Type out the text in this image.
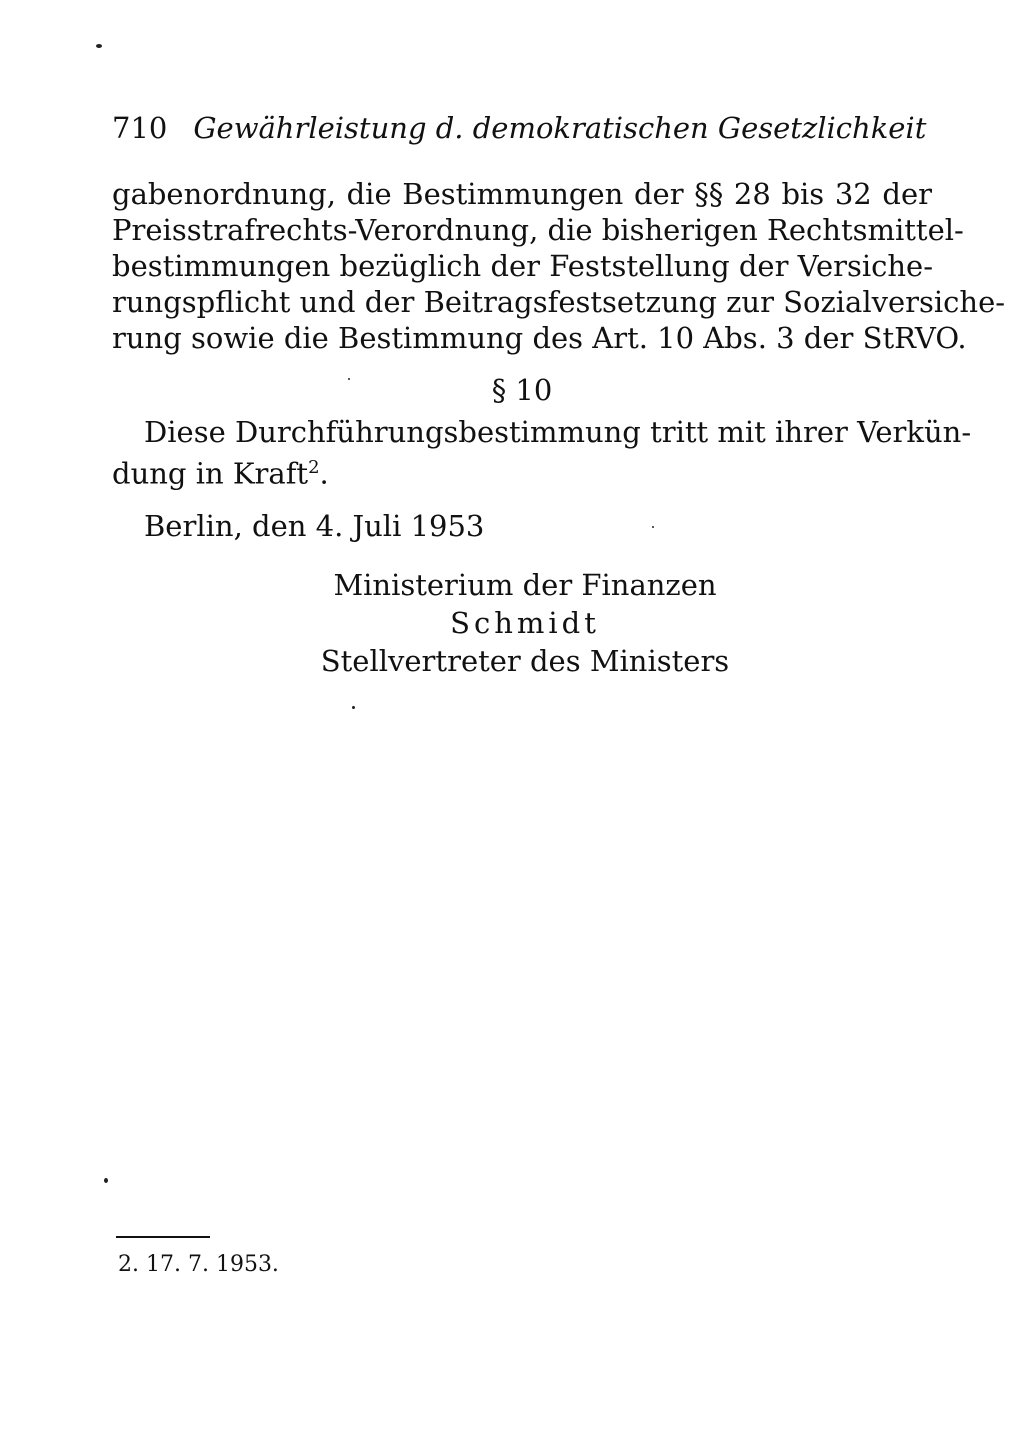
710 Gewährleistung d. demokratischen Gesetzlichkeit
gabenordnung, die Bestimmungen der §§ 28 bis 32 der
Preisstrafrechts-Verordnung, die bisherigen Rechtsmittel-
bestimmungen bezüglich der Feststellung der Versiche-
rungspflicht und der Beitragsfestsetzung zur Sozialversiche-
rung sowie die Bestimmung des Art. 10 Abs. 3 der StRVO.
§ 10
Diese Durchführungsbestimmung tritt mit ihrer Verkün-
dung in Kraft$^2$.
Berlin, den 4. Juli 1953
Ministerium der Finanzen
Schmidt
Stellvertreter des Ministers
2. 17. 7. 1953.
